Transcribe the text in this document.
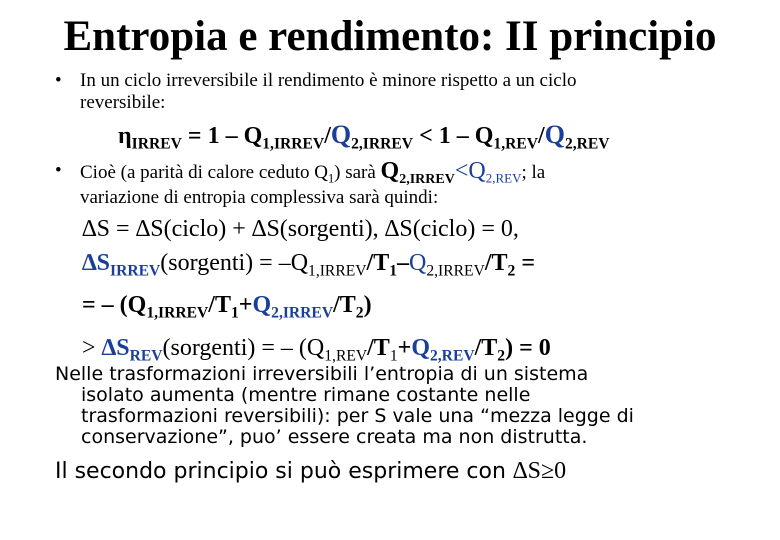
Entropia e rendimento: II principio
• In un ciclo irreversibile il rendimento è minore rispetto a un ciclo
reversibile:
$\eta_{IRREV} = 1 - Q_{1,IRREV}/Q_{2,IRREV} < 1 - Q_{1,REV}/Q_{2,REV}$
• Cioè (a parità di calore ceduto $Q_1$) sarà $Q_{2,IRREV}<Q_{2,REV}$; la
variazione di entropia complessiva sarà quindi:
∆S = ∆S(ciclo) + ∆S(sorgenti), ∆S(ciclo) = 0,
$\Delta S_{IRREV}(sorgenti) = -Q_{1,IRREV}/T_1-Q_{2,IRREV}/T_2$ =
= – $(Q_{1,IRREV}/T_1+Q_{2,IRREV}/T_2)$
> $\Delta S_{REV}(sorgenti)$ = – $(Q_{1,REV}/T_1+Q_{2,REV}/T_2) = 0$
Nelle trasformazioni irreversibili l’entropia di un sistema
isolato aumenta (mentre rimane costante nelle
trasformazioni reversibili): per S vale una “mezza legge di
conservazione”, puo’ essere creata ma non distrutta.
Il secondo principio si può esprimere con ∆S≥0
